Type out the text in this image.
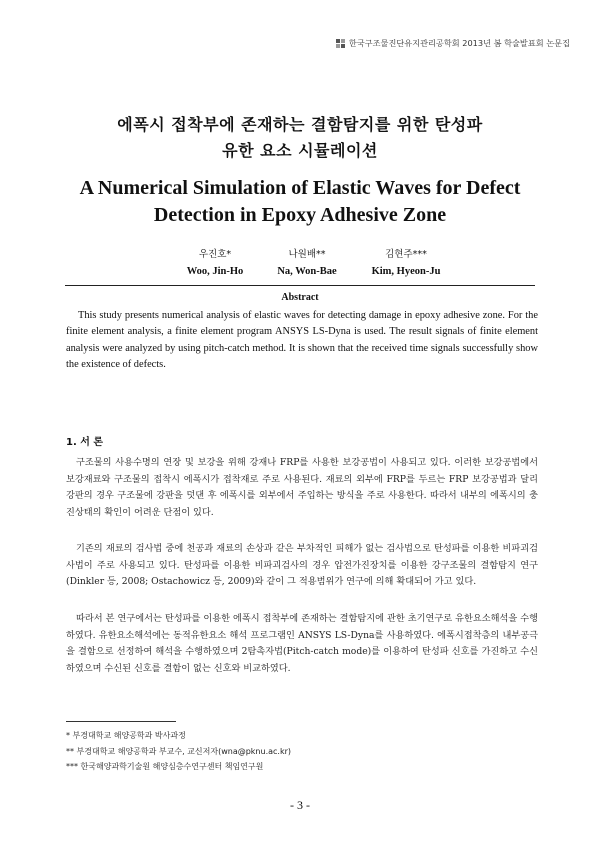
한국구조물진단유지관리공학회 2013년 봄 학술발표회 논문집
에폭시 접착부에 존재하는 결함탐지를 위한 탄성파
유한 요소 시뮬레이션
A Numerical Simulation of Elastic Waves for Defect
Detection in Epoxy Adhesive Zone
우진호*
Woo, Jin-Ho
나원배**
Na, Won-Bae
김현주***
Kim, Hyeon-Ju
Abstract

This study presents numerical analysis of elastic waves for detecting damage in epoxy adhesive zone. For the finite element analysis, a finite element program ANSYS LS-Dyna is used. The result signals of finite element analysis were analyzed by using pitch-catch method. It is shown that the received time signals successfully show the existence of defects.

1. 서 론

구조물의 사용수명의 연장 및 보강을 위해 강재나 FRP를 사용한 보강공법이 사용되고 있다. 이러한 보강공법에서 보강재료와 구조물의 접착시 에폭시가 접착재로 주로 사용된다. 재료의 외부에 FRP를 두르는 FRP 보강공법과 달리 강판의 경우 구조물에 강판을 덧댄 후 에폭시를 외부에서 주입하는 방식을 주로 사용한다. 따라서 내부의 에폭시의 충진상태의 확인이 어려운 단점이 있다.

기존의 재료의 검사법 중에 천공과 재료의 손상과 같은 부차적인 피해가 없는 검사법으로 탄성파를 이용한 비파괴검사법이 주로 사용되고 있다. 탄성파를 이용한 비파괴검사의 경우 압전가진장치를 이용한 강구조물의 결함탐지 연구(Dinkler 등, 2008; Ostachowicz 등, 2009)와 같이 그 적용범위가 연구에 의해 확대되어 가고 있다.

따라서 본 연구에서는 탄성파를 이용한 에폭시 접착부에 존재하는 결함탐지에 관한 초기연구로 유한요소해석을 수행하였다. 유한요소해석에는 동적유한요소 해석 프로그램인 ANSYS LS-Dyna를 사용하였다. 에폭시접착층의 내부공극을 결함으로 선정하여 해석을 수행하였으며 2탐촉자법(Pitch-catch mode)를 이용하여 탄성파 신호를 가진하고 수신하였으며 수신된 신호를 결함이 없는 신호와 비교하였다.

* 부경대학교 해양공학과 박사과정
** 부경대학교 해양공학과 부교수, 교신저자(wna@pknu.ac.kr)
*** 한국해양과학기술원 해양심층수연구센터 책임연구원
- 3 -
